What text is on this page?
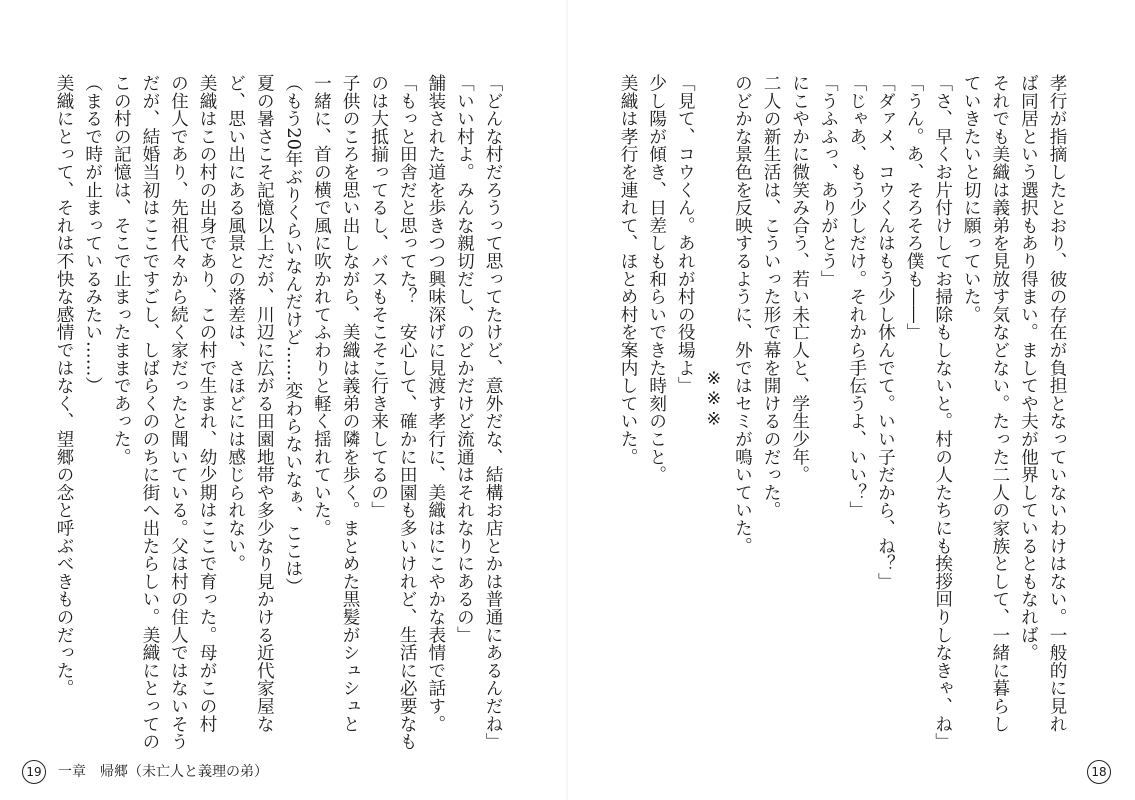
「どんな村だろうって思ってたけど、意外だな、結構お店とかは普通にあるんだね」
「いい村よ。みんな親切だし、のどかだけど流通はそれなりにあるの」
舗装された道を歩きつつ興味深げに見渡す孝行に、美織はにこやかな表情で話す。
「もっと田舎だと思ってた？　安心して、確かに田園も多いけれど、生活に必要なも
のは大抵揃ってるし、バスもそこそこ行き来してるの」
子供のころを思い出しながら、美織は義弟の隣を歩く。まとめた黒髪がシュシュと
一緒に、首の横で風に吹かれてふわりと軽く揺れていた。
（もう20年ぶりくらいなんだけど……変わらないなぁ、ここは）
夏の暑さこそ記憶以上だが、川辺に広がる田園地帯や多少なり見かける近代家屋な
ど、思い出にある風景との落差は、さほどには感じられない。
美織はこの村の出身であり、この村で生まれ、幼少期はここで育った。母がこの村
の住人であり、先祖代々から続く家だったと聞いている。父は村の住人ではないそう
だが、結婚当初はここですごし、しばらくののちに街へ出たらしい。美織にとっての
この村の記憶は、そこで止まったままであった。
（まるで時が止まっているみたい……）
美織にとって、それは不快な感情ではなく、望郷の念と呼ぶべきものだった。
19	一章　帰郷（未亡人と義理の弟）
孝行が指摘したとおり、彼の存在が負担となっていないわけはない。一般的に見れ
ば同居という選択もあり得まい。ましてや夫が他界しているともなれば。
それでも美織は義弟を見放す気などない。たった二人の家族として、一緒に暮らし
ていきたいと切に願っていた。
「さ、早くお片付けしてお掃除もしないと。村の人たちにも挨拶回りしなきゃ、ね」
「うん。あ、そろそろ僕も――」
「ダァメ、コウくんはもう少し休んでて。いい子だから、ね？」
「じゃあ、もう少しだけ。それから手伝うよ、いい？」
「うふふっ、ありがとう」
にこやかに微笑み合う、若い未亡人と、学生少年。
二人の新生活は、こういった形で幕を開けるのだった。
のどかな景色を反映するように、外ではセミが鳴いていた。
※※※
「見て、コウくん。あれが村の役場よ」
少し陽が傾き、日差しも和らいできた時刻のこと。
美織は孝行を連れて、ほとめ村を案内していた。
18
